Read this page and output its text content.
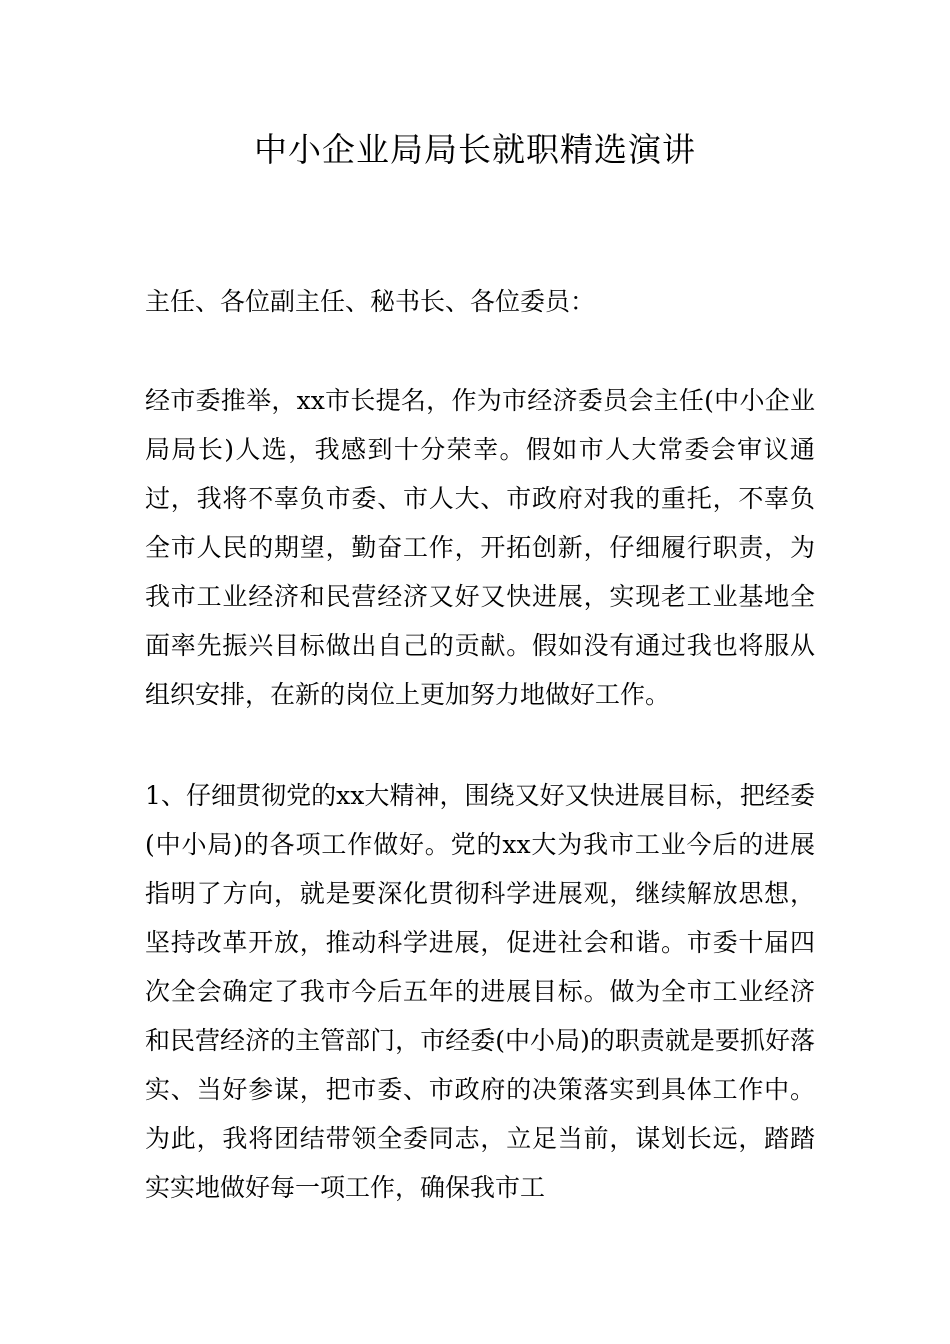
中小企业局局长就职精选演讲

主任、各位副主任、秘书长、各位委员：

经市委推举，xx市长提名，作为市经济委员会主任(中小企业局局长)人选，我感到十分荣幸。假如市人大常委会审议通过，我将不辜负市委、市人大、市政府对我的重托，不辜负全市人民的期望，勤奋工作，开拓创新，仔细履行职责，为我市工业经济和民营经济又好又快进展，实现老工业基地全面率先振兴目标做出自己的贡献。假如没有通过我也将服从组织安排，在新的岗位上更加努力地做好工作。

1、仔细贯彻党的xx大精神，围绕又好又快进展目标，把经委(中小局)的各项工作做好。党的xx大为我市工业今后的进展指明了方向，就是要深化贯彻科学进展观，继续解放思想，坚持改革开放，推动科学进展，促进社会和谐。市委十届四次全会确定了我市今后五年的进展目标。做为全市工业经济和民营经济的主管部门，市经委(中小局)的职责就是要抓好落实、当好参谋，把市委、市政府的决策落实到具体工作中。为此，我将团结带领全委同志，立足当前，谋划长远，踏踏实实地做好每一项工作，确保我市工
